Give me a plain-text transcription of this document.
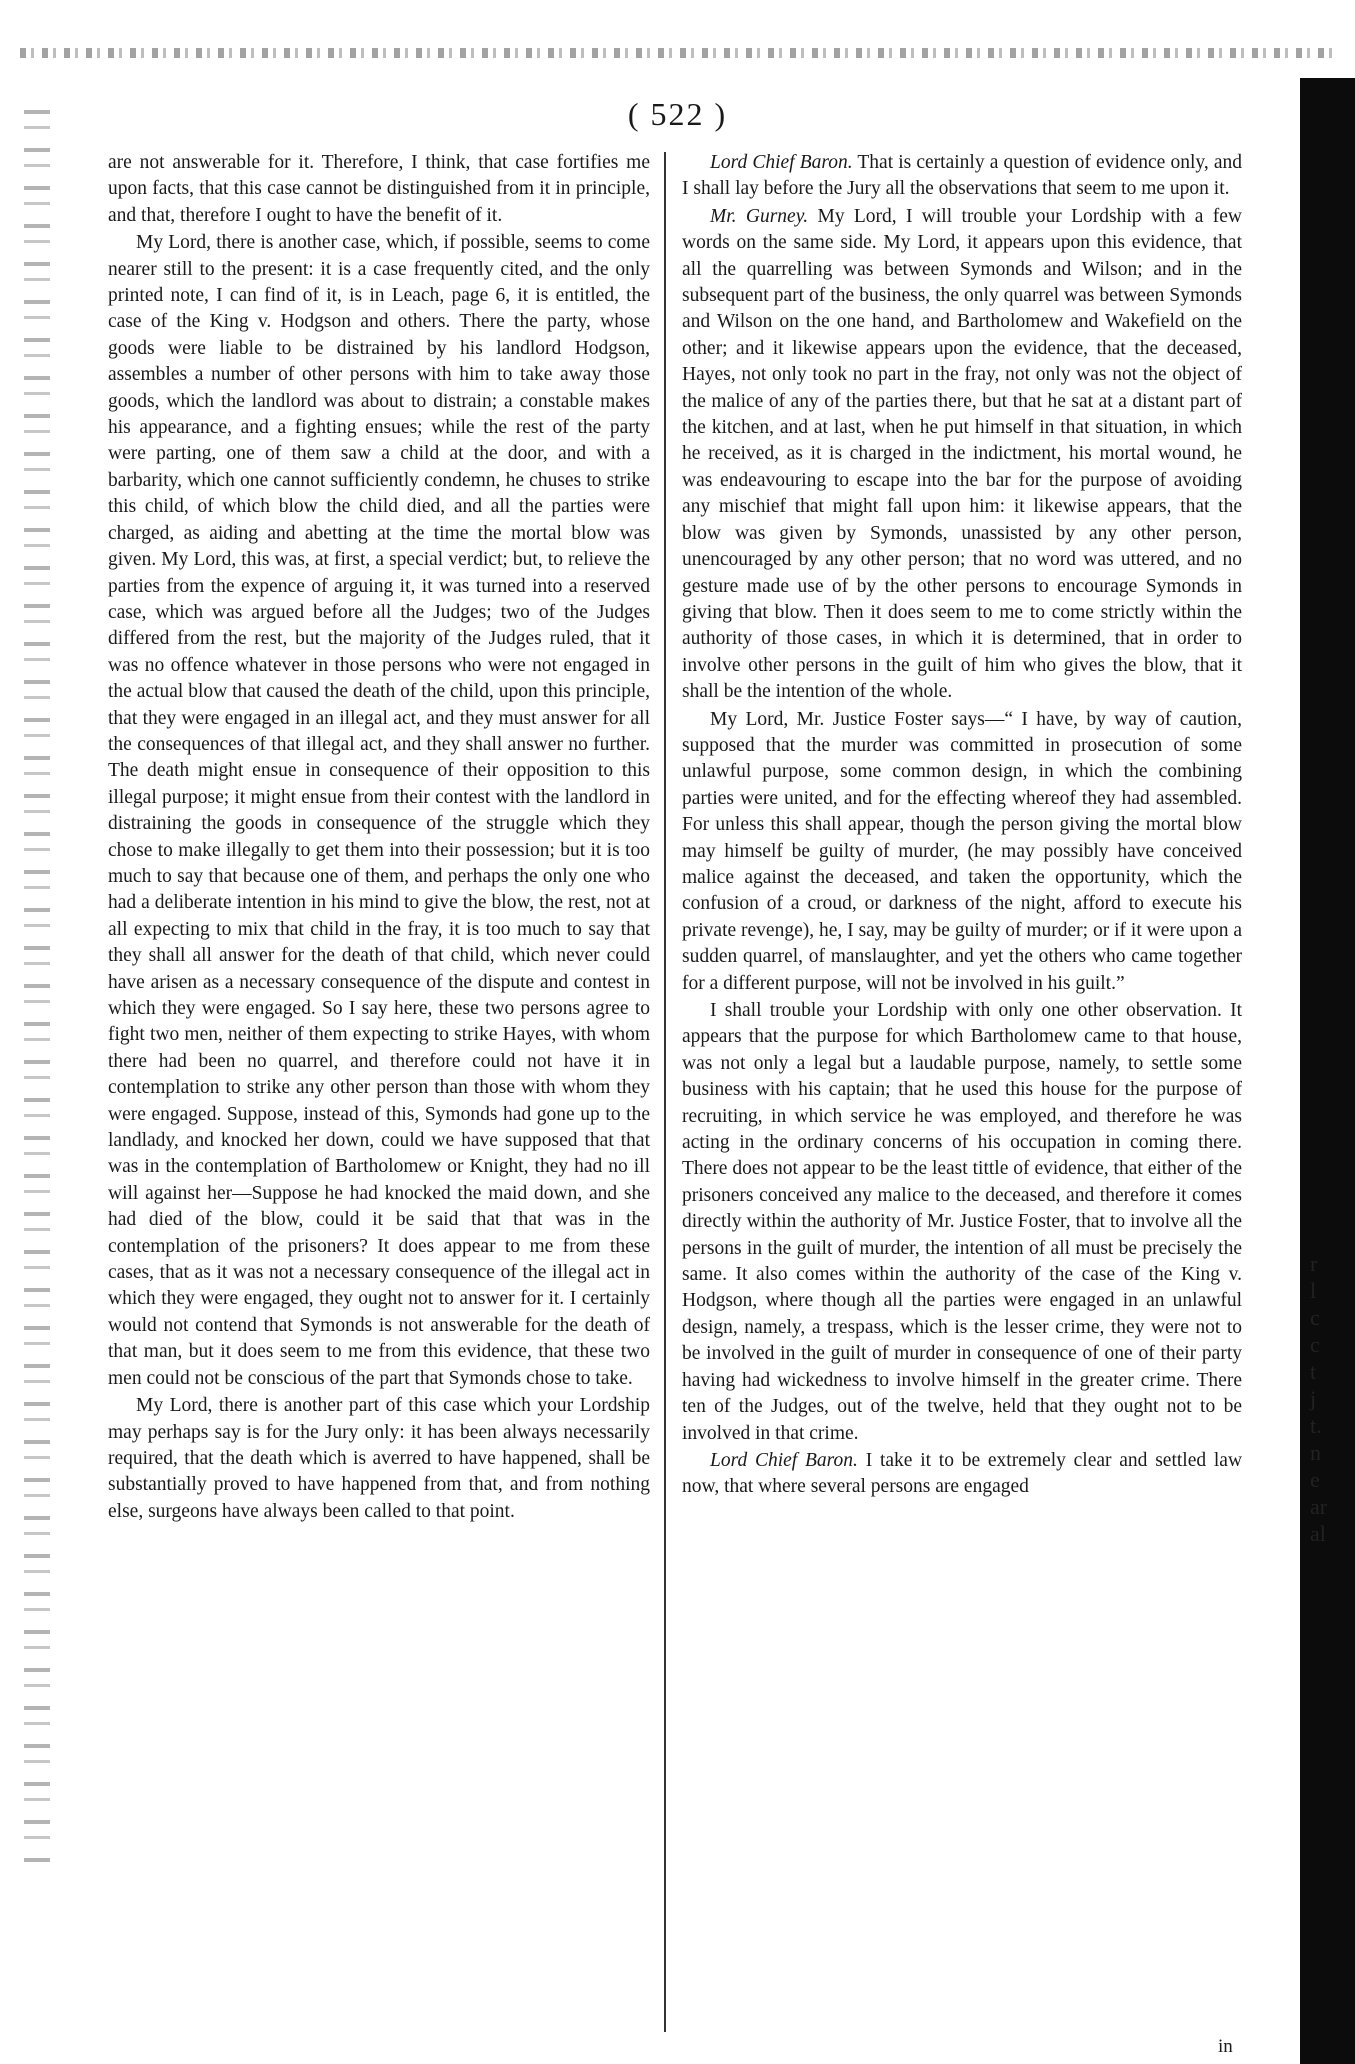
r
l
c
c
t
j
t.
n
e
ar
al
( 522 )

are not answerable for it. Therefore, I think, that case fortifies me upon facts, that this case cannot be distinguished from it in principle, and that, therefore I ought to have the benefit of it.

My Lord, there is another case, which, if possible, seems to come nearer still to the present: it is a case frequently cited, and the only printed note, I can find of it, is in Leach, page 6, it is entitled, the case of the King v. Hodgson and others. There the party, whose goods were liable to be distrained by his landlord Hodgson, assembles a number of other persons with him to take away those goods, which the landlord was about to distrain; a constable makes his appearance, and a fighting ensues; while the rest of the party were parting, one of them saw a child at the door, and with a barbarity, which one cannot sufficiently condemn, he chuses to strike this child, of which blow the child died, and all the parties were charged, as aiding and abetting at the time the mortal blow was given. My Lord, this was, at first, a special verdict; but, to relieve the parties from the expence of arguing it, it was turned into a reserved case, which was argued before all the Judges; two of the Judges differed from the rest, but the majority of the Judges ruled, that it was no offence whatever in those persons who were not engaged in the actual blow that caused the death of the child, upon this principle, that they were engaged in an illegal act, and they must answer for all the consequences of that illegal act, and they shall answer no further. The death might ensue in consequence of their opposition to this illegal purpose; it might ensue from their contest with the landlord in distraining the goods in consequence of the struggle which they chose to make illegally to get them into their possession; but it is too much to say that because one of them, and perhaps the only one who had a deliberate intention in his mind to give the blow, the rest, not at all expecting to mix that child in the fray, it is too much to say that they shall all answer for the death of that child, which never could have arisen as a necessary consequence of the dispute and contest in which they were engaged. So I say here, these two persons agree to fight two men, neither of them expecting to strike Hayes, with whom there had been no quarrel, and therefore could not have it in contemplation to strike any other person than those with whom they were engaged. Suppose, instead of this, Symonds had gone up to the landlady, and knocked her down, could we have supposed that that was in the contemplation of Bartholomew or Knight, they had no ill will against her—Suppose he had knocked the maid down, and she had died of the blow, could it be said that that was in the contemplation of the prisoners? It does appear to me from these cases, that as it was not a necessary consequence of the illegal act in which they were engaged, they ought not to answer for it. I certainly would not contend that Symonds is not answerable for the death of that man, but it does seem to me from this evidence, that these two men could not be conscious of the part that Symonds chose to take.

My Lord, there is another part of this case which your Lordship may perhaps say is for the Jury only: it has been always necessarily required, that the death which is averred to have happened, shall be substantially proved to have happened from that, and from nothing else, surgeons have always been called to that point.

Lord Chief Baron. That is certainly a question of evidence only, and I shall lay before the Jury all the observations that seem to me upon it.

Mr. Gurney. My Lord, I will trouble your Lordship with a few words on the same side. My Lord, it appears upon this evidence, that all the quarrelling was between Symonds and Wilson; and in the subsequent part of the business, the only quarrel was between Symonds and Wilson on the one hand, and Bartholomew and Wakefield on the other; and it likewise appears upon the evidence, that the deceased, Hayes, not only took no part in the fray, not only was not the object of the malice of any of the parties there, but that he sat at a distant part of the kitchen, and at last, when he put himself in that situation, in which he received, as it is charged in the indictment, his mortal wound, he was endeavouring to escape into the bar for the purpose of avoiding any mischief that might fall upon him: it likewise appears, that the blow was given by Symonds, unassisted by any other person, unencouraged by any other person; that no word was uttered, and no gesture made use of by the other persons to encourage Symonds in giving that blow. Then it does seem to me to come strictly within the authority of those cases, in which it is determined, that in order to involve other persons in the guilt of him who gives the blow, that it shall be the intention of the whole.

My Lord, Mr. Justice Foster says—“ I have, by way of caution, supposed that the murder was committed in prosecution of some unlawful purpose, some common design, in which the combining parties were united, and for the effecting whereof they had assembled. For unless this shall appear, though the person giving the mortal blow may himself be guilty of murder, (he may possibly have conceived malice against the deceased, and taken the opportunity, which the confusion of a croud, or darkness of the night, afford to execute his private revenge), he, I say, may be guilty of murder; or if it were upon a sudden quarrel, of manslaughter, and yet the others who came together for a different purpose, will not be involved in his guilt.”

I shall trouble your Lordship with only one other observation. It appears that the purpose for which Bartholomew came to that house, was not only a legal but a laudable purpose, namely, to settle some business with his captain; that he used this house for the purpose of recruiting, in which service he was employed, and therefore he was acting in the ordinary concerns of his occupation in coming there. There does not appear to be the least tittle of evidence, that either of the prisoners conceived any malice to the deceased, and therefore it comes directly within the authority of Mr. Justice Foster, that to involve all the persons in the guilt of murder, the intention of all must be precisely the same. It also comes within the authority of the case of the King v. Hodgson, where though all the parties were engaged in an unlawful design, namely, a trespass, which is the lesser crime, they were not to be involved in the guilt of murder in consequence of one of their party having had wickedness to involve himself in the greater crime. There ten of the Judges, out of the twelve, held that they ought not to be involved in that crime.

Lord Chief Baron. I take it to be extremely clear and settled law now, that where several persons are engaged

in
